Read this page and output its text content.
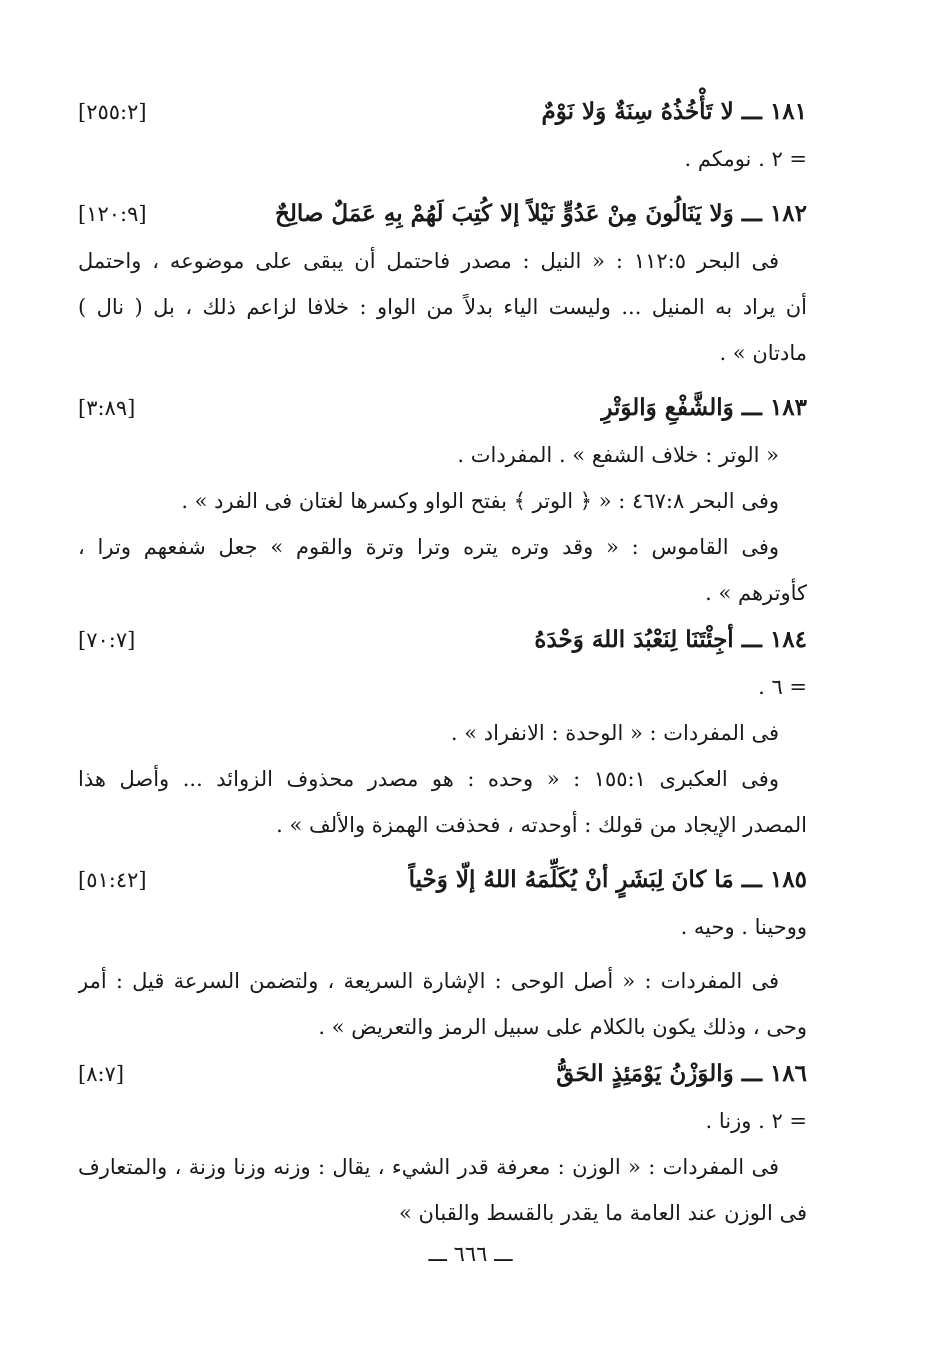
١٨١ ـــ لا تَأْخُذُهُ سِنَةٌ وَلا نَوْمٌ
[٢٥٥:٢]
= ٢ . نومكم .
١٨٢ ـــ وَلا يَنَالُونَ مِنْ عَدُوٍّ نَيْلاً إلا كُتِبَ لَهُمْ بِهِ عَمَلٌ صالِحٌ
[١٢٠:٩]
فى البحر ١١٢:٥ : « النيل : مصدر فاحتمل أن يبقى على موضوعه ، واحتمل
أن يراد به المنيل ... وليست الياء بدلاً من الواو : خلافا لزاعم ذلك ، بل ( نال )
مادتان » .
١٨٣ ـــ وَالشَّفْعِ وَالوَتْرِ
[٣:٨٩]
« الوتر : خلاف الشفع » . المفردات .
وفى البحر ٤٦٧:٨ : « ﴿ الوتر ﴾ بفتح الواو وكسرها لغتان فى الفرد » .
وفى القاموس : « وقد وتره يتره وترا وترة والقوم » جعل شفعهم وترا ،
كأوترهم » .
١٨٤ ـــ أجِئْتَنَا لِنَعْبُدَ اللهَ وَحْدَهُ
[٧٠:٧]
= ٦ .
فى المفردات : « الوحدة : الانفراد » .
وفى العكبرى ١٥٥:١ : « وحده : هو مصدر محذوف الزوائد ... وأصل هذا
المصدر الإيجاد من قولك : أوحدته ، فحذفت الهمزة والألف » .
١٨٥ ـــ مَا كانَ لِبَشَرٍ أنْ يُكَلِّمَهُ اللهُ إلّا وَحْياً
[٥١:٤٢]
ووحينا . وحيه .
فى المفردات : « أصل الوحى : الإشارة السريعة ، ولتضمن السرعة قيل : أمر
وحى ، وذلك يكون بالكلام على سبيل الرمز والتعريض » .
١٨٦ ـــ وَالوَزْنُ يَوْمَئِذٍ الحَقُّ
[٨:٧]
= ٢ . وزنا .
فى المفردات : « الوزن : معرفة قدر الشيء ، يقال : وزنه وزنا وزنة ، والمتعارف
فى الوزن عند العامة ما يقدر بالقسط والقبان »
ـــ ٦٦٦ ـــ
